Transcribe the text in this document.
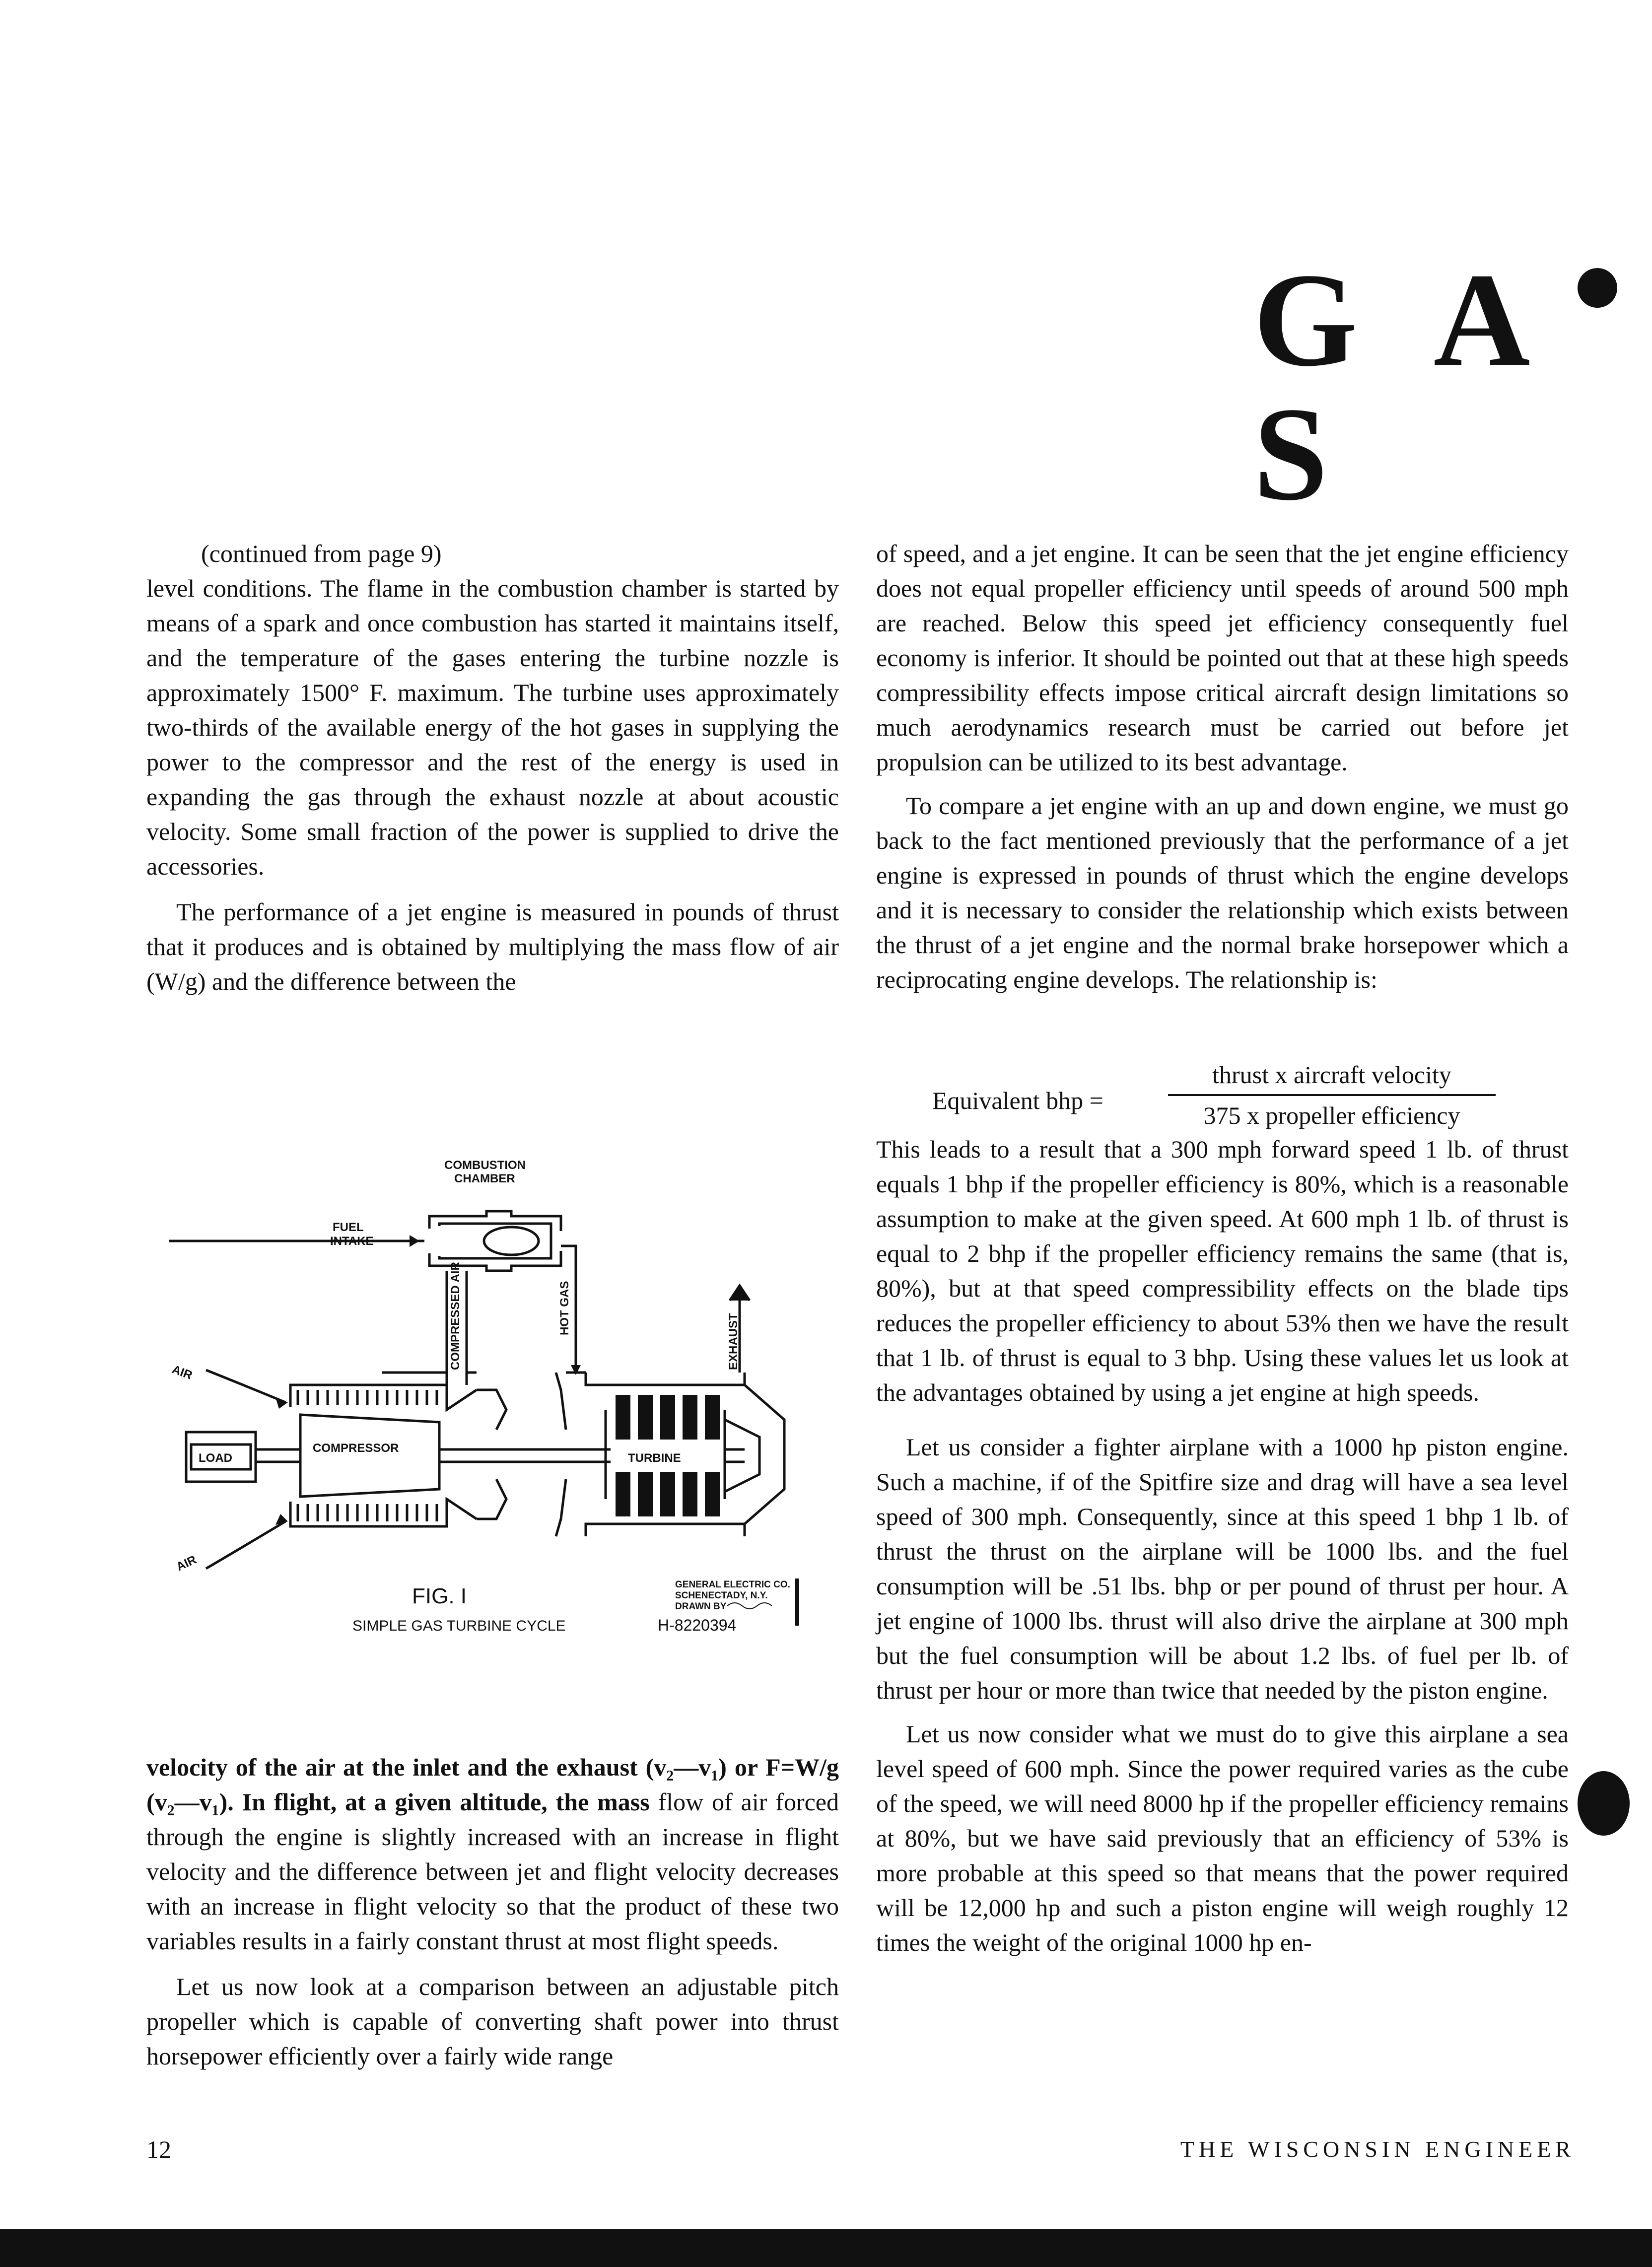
G A S

(continued from page 9)

level conditions. The flame in the combustion chamber is started by means of a spark and once combustion has started it maintains itself, and the temperature of the gases entering the turbine nozzle is approximately 1500° F. maximum. The turbine uses approximately two-thirds of the available energy of the hot gases in supplying the power to the compressor and the rest of the energy is used in expanding the gas through the exhaust nozzle at about acoustic velocity. Some small fraction of the power is supplied to drive the accessories.

The performance of a jet engine is measured in pounds of thrust that it produces and is obtained by multiplying the mass flow of air (W/g) and the difference between the

COMBUSTION
CHAMBER
FUEL
INTAKE
COMPRESSED AIR	HOT GAS
EXHAUST
AIR
AIR
LOAD
COMPRESSOR
TURBINE
FIG. I
SIMPLE GAS TURBINE CYCLE
GENERAL ELECTRIC CO.
SCHENECTADY, N.Y.
DRAWN BY
H-8220394

velocity of the air at the inlet and the exhaust (v₂—v₁) or F=W/g (v₂—v₁). In flight, at a given altitude, the mass flow of air forced through the engine is slightly increased with an increase in flight velocity and the difference between jet and flight velocity decreases with an increase in flight velocity so that the product of these two variables results in a fairly constant thrust at most flight speeds.

Let us now look at a comparison between an adjustable pitch propeller which is capable of converting shaft power into thrust horsepower efficiently over a fairly wide range

of speed, and a jet engine. It can be seen that the jet engine efficiency does not equal propeller efficiency until speeds of around 500 mph are reached. Below this speed jet efficiency consequently fuel economy is inferior. It should be pointed out that at these high speeds compressibility effects impose critical aircraft design limitations so much aerodynamics research must be carried out before jet propulsion can be utilized to its best advantage.

To compare a jet engine with an up and down engine, we must go back to the fact mentioned previously that the performance of a jet engine is expressed in pounds of thrust which the engine develops and it is necessary to consider the relationship which exists between the thrust of a jet engine and the normal brake horsepower which a reciprocating engine develops. The relationship is:

Equivalent bhp =
thrust x aircraft velocity
375 x propeller efficiency

This leads to a result that a 300 mph forward speed 1 lb. of thrust equals 1 bhp if the propeller efficiency is 80%, which is a reasonable assumption to make at the given speed. At 600 mph 1 lb. of thrust is equal to 2 bhp if the propeller efficiency remains the same (that is, 80%), but at that speed compressibility effects on the blade tips reduces the propeller efficiency to about 53% then we have the result that 1 lb. of thrust is equal to 3 bhp. Using these values let us look at the advantages obtained by using a jet engine at high speeds.

Let us consider a fighter airplane with a 1000 hp piston engine. Such a machine, if of the Spitfire size and drag will have a sea level speed of 300 mph. Consequently, since at this speed 1 bhp 1 lb. of thrust the thrust on the airplane will be 1000 lbs. and the fuel consumption will be .51 lbs. bhp or per pound of thrust per hour. A jet engine of 1000 lbs. thrust will also drive the airplane at 300 mph but the fuel consumption will be about 1.2 lbs. of fuel per lb. of thrust per hour or more than twice that needed by the piston engine.

Let us now consider what we must do to give this airplane a sea level speed of 600 mph. Since the power required varies as the cube of the speed, we will need 8000 hp if the propeller efficiency remains at 80%, but we have said previously that an efficiency of 53% is more probable at this speed so that means that the power required will be 12,000 hp and such a piston engine will weigh roughly 12 times the weight of the original 1000 hp en-

12	THE WISCONSIN ENGINEER
